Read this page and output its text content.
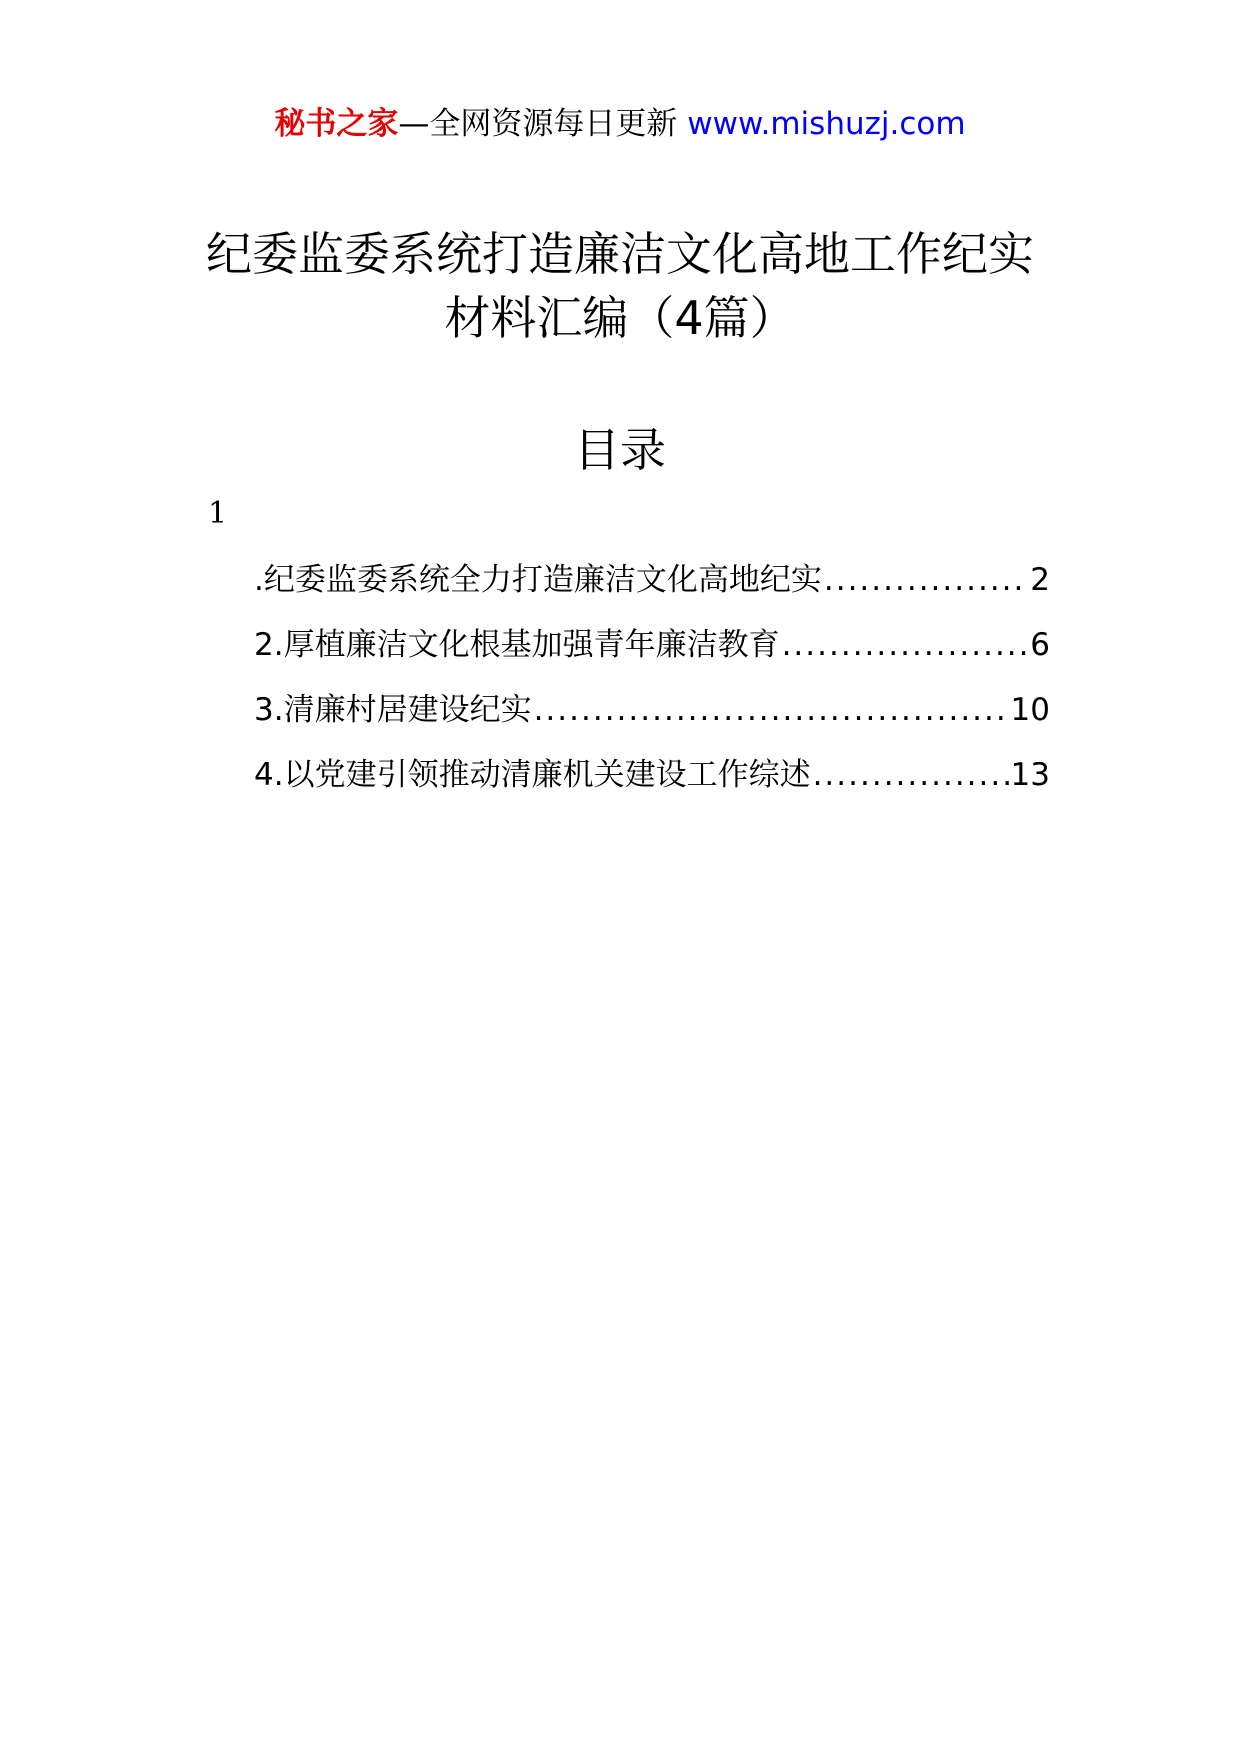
秘书之家—全网资源每日更新 www.mishuzj.com
纪委监委系统打造廉洁文化高地工作纪实
材料汇编（4篇）
目录
1
.纪委监委系统全力打造廉洁文化高地纪实 .....	2
2.厚植廉洁文化根基加强青年廉洁教育 .....	6
3.清廉村居建设纪实 .....	10
4.以党建引领推动清廉机关建设工作综述 .....	13
